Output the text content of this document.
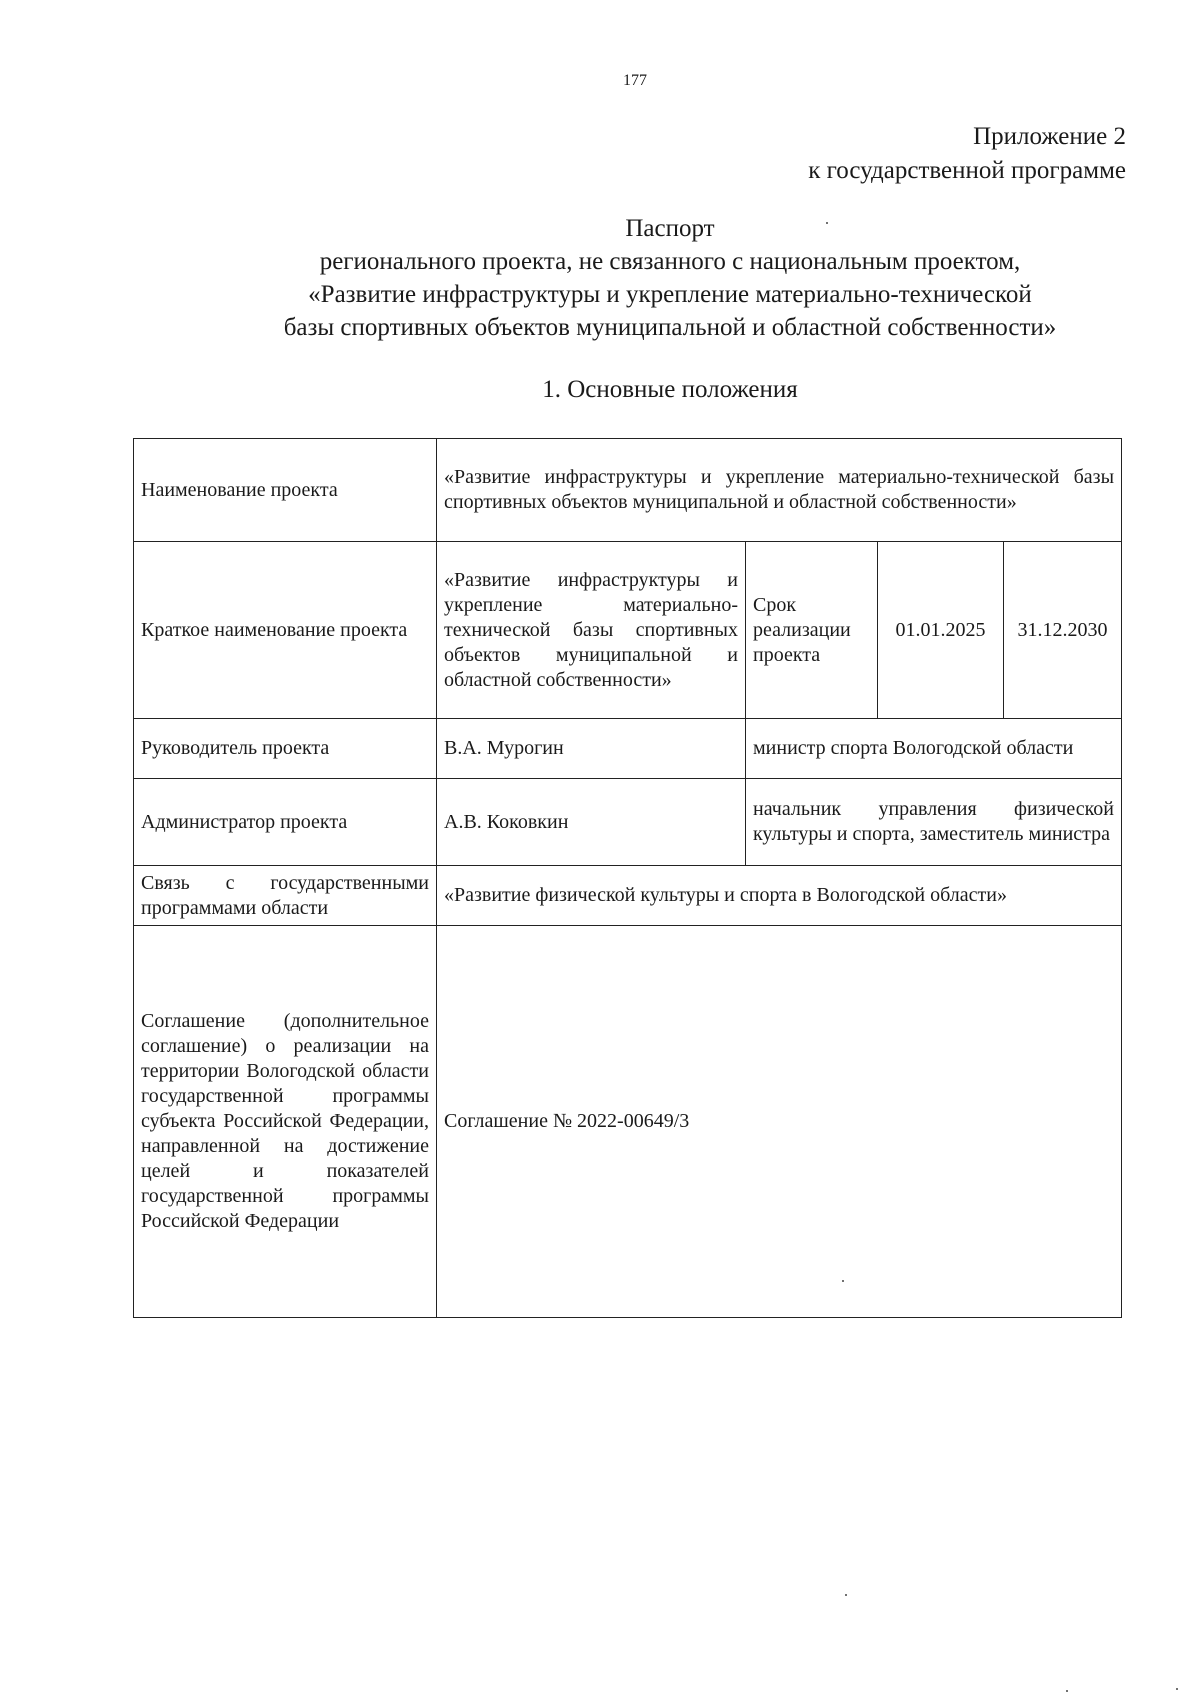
177
Приложение 2
к государственной программе
Паспорт
регионального проекта, не связанного с национальным проектом,
«Развитие инфраструктуры и укрепление материально-технической
базы спортивных объектов муниципальной и областной собственности»
1. Основные положения
Наименование проекта	«Развитие инфраструктуры и укрепление материально-технической базы спортивных объектов муниципальной и областной собственности»			
Краткое наименование проекта	«Развитие инфраструктуры и укрепление материально-технической базы спортивных объектов муниципальной и областной собственности»	Срок реализации проекта	01.01.2025	31.12.2030
Руководитель проекта	В.А. Мурогин	министр спорта Вологодской области		
Администратор проекта	А.В. Коковкин	начальник управления физической культуры и спорта, заместитель министра		
Связь с государственными программами области	«Развитие физической культуры и спорта в Вологодской области»			
Соглашение (дополнительное соглашение) о реализации на территории Вологодской области государственной программы субъекта Российской Федерации, направленной на достижение целей и показателей государственной программы Российской Федерации	Соглашение № 2022-00649/3			
